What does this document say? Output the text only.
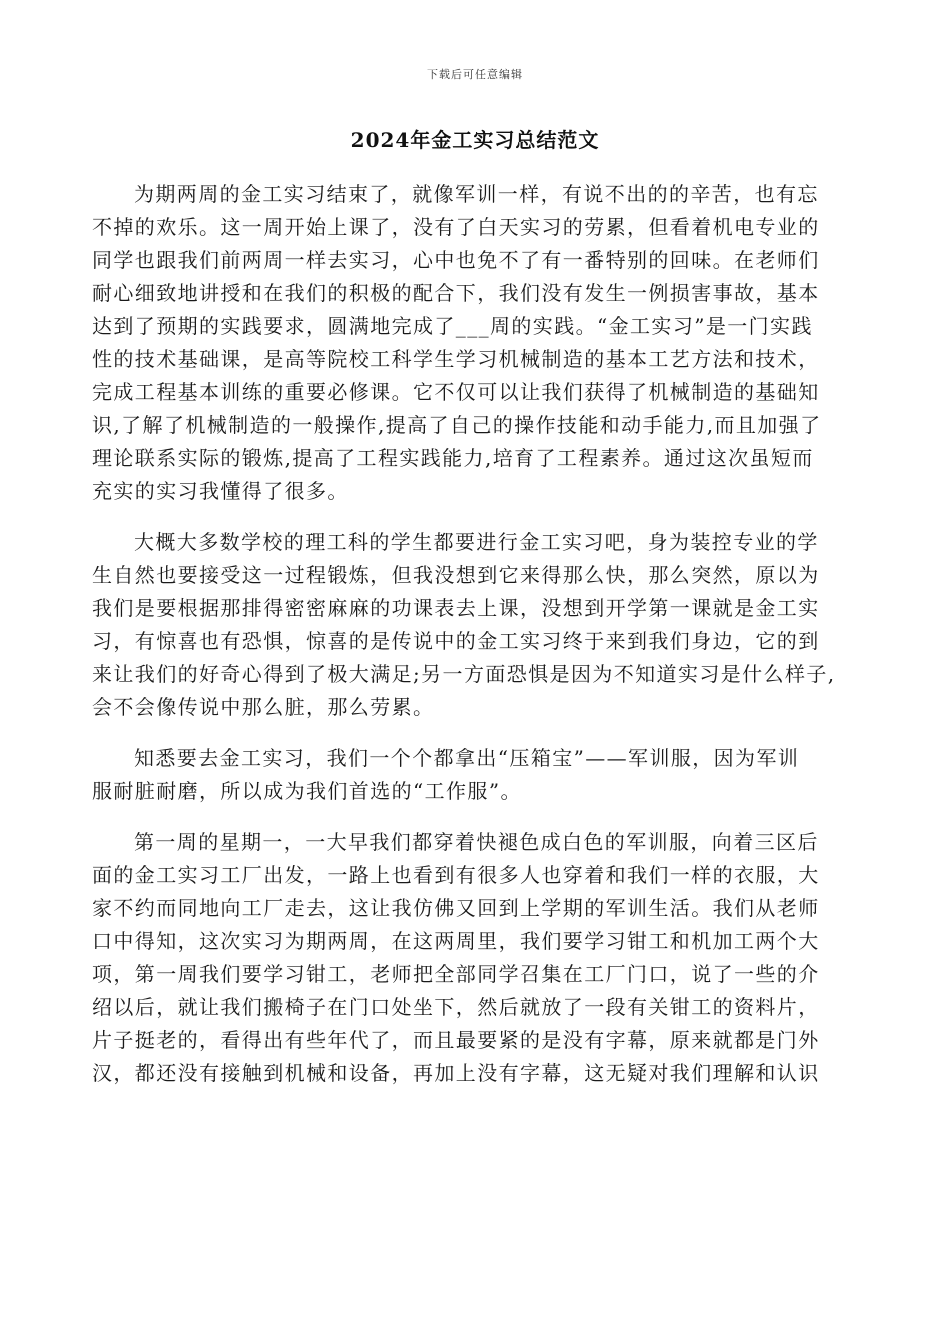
下载后可任意编辑
2024年金工实习总结范文

为期两周的金工实习结束了，就像军训一样，有说不出的的辛苦，也有忘
不掉的欢乐。这一周开始上课了，没有了白天实习的劳累，但看着机电专业的
同学也跟我们前两周一样去实习，心中也免不了有一番特别的回味。在老师们
耐心细致地讲授和在我们的积极的配合下，我们没有发生一例损害事故，基本
达到了预期的实践要求，圆满地完成了___周的实践。“金工实习”是一门实践
性的技术基础课，是高等院校工科学生学习机械制造的基本工艺方法和技术，
完成工程基本训练的重要必修课。它不仅可以让我们获得了机械制造的基础知
识,了解了机械制造的一般操作,提高了自己的操作技能和动手能力,而且加强了
理论联系实际的锻炼,提高了工程实践能力,培育了工程素养。通过这次虽短而
充实的实习我懂得了很多。

大概大多数学校的理工科的学生都要进行金工实习吧，身为装控专业的学
生自然也要接受这一过程锻炼，但我没想到它来得那么快，那么突然，原以为
我们是要根据那排得密密麻麻的功课表去上课，没想到开学第一课就是金工实
习，有惊喜也有恐惧，惊喜的是传说中的金工实习终于来到我们身边，它的到
来让我们的好奇心得到了极大满足;另一方面恐惧是因为不知道实习是什么样子,
会不会像传说中那么脏，那么劳累。

知悉要去金工实习，我们一个个都拿出“压箱宝”——军训服，因为军训
服耐脏耐磨，所以成为我们首选的“工作服”。

第一周的星期一，一大早我们都穿着快褪色成白色的军训服，向着三区后
面的金工实习工厂出发，一路上也看到有很多人也穿着和我们一样的衣服，大
家不约而同地向工厂走去，这让我仿佛又回到上学期的军训生活。我们从老师
口中得知，这次实习为期两周，在这两周里，我们要学习钳工和机加工两个大
项，第一周我们要学习钳工，老师把全部同学召集在工厂门口，说了一些的介
绍以后，就让我们搬椅子在门口处坐下，然后就放了一段有关钳工的资料片，
片子挺老的，看得出有些年代了，而且最要紧的是没有字幕，原来就都是门外
汉，都还没有接触到机械和设备，再加上没有字幕，这无疑对我们理解和认识
